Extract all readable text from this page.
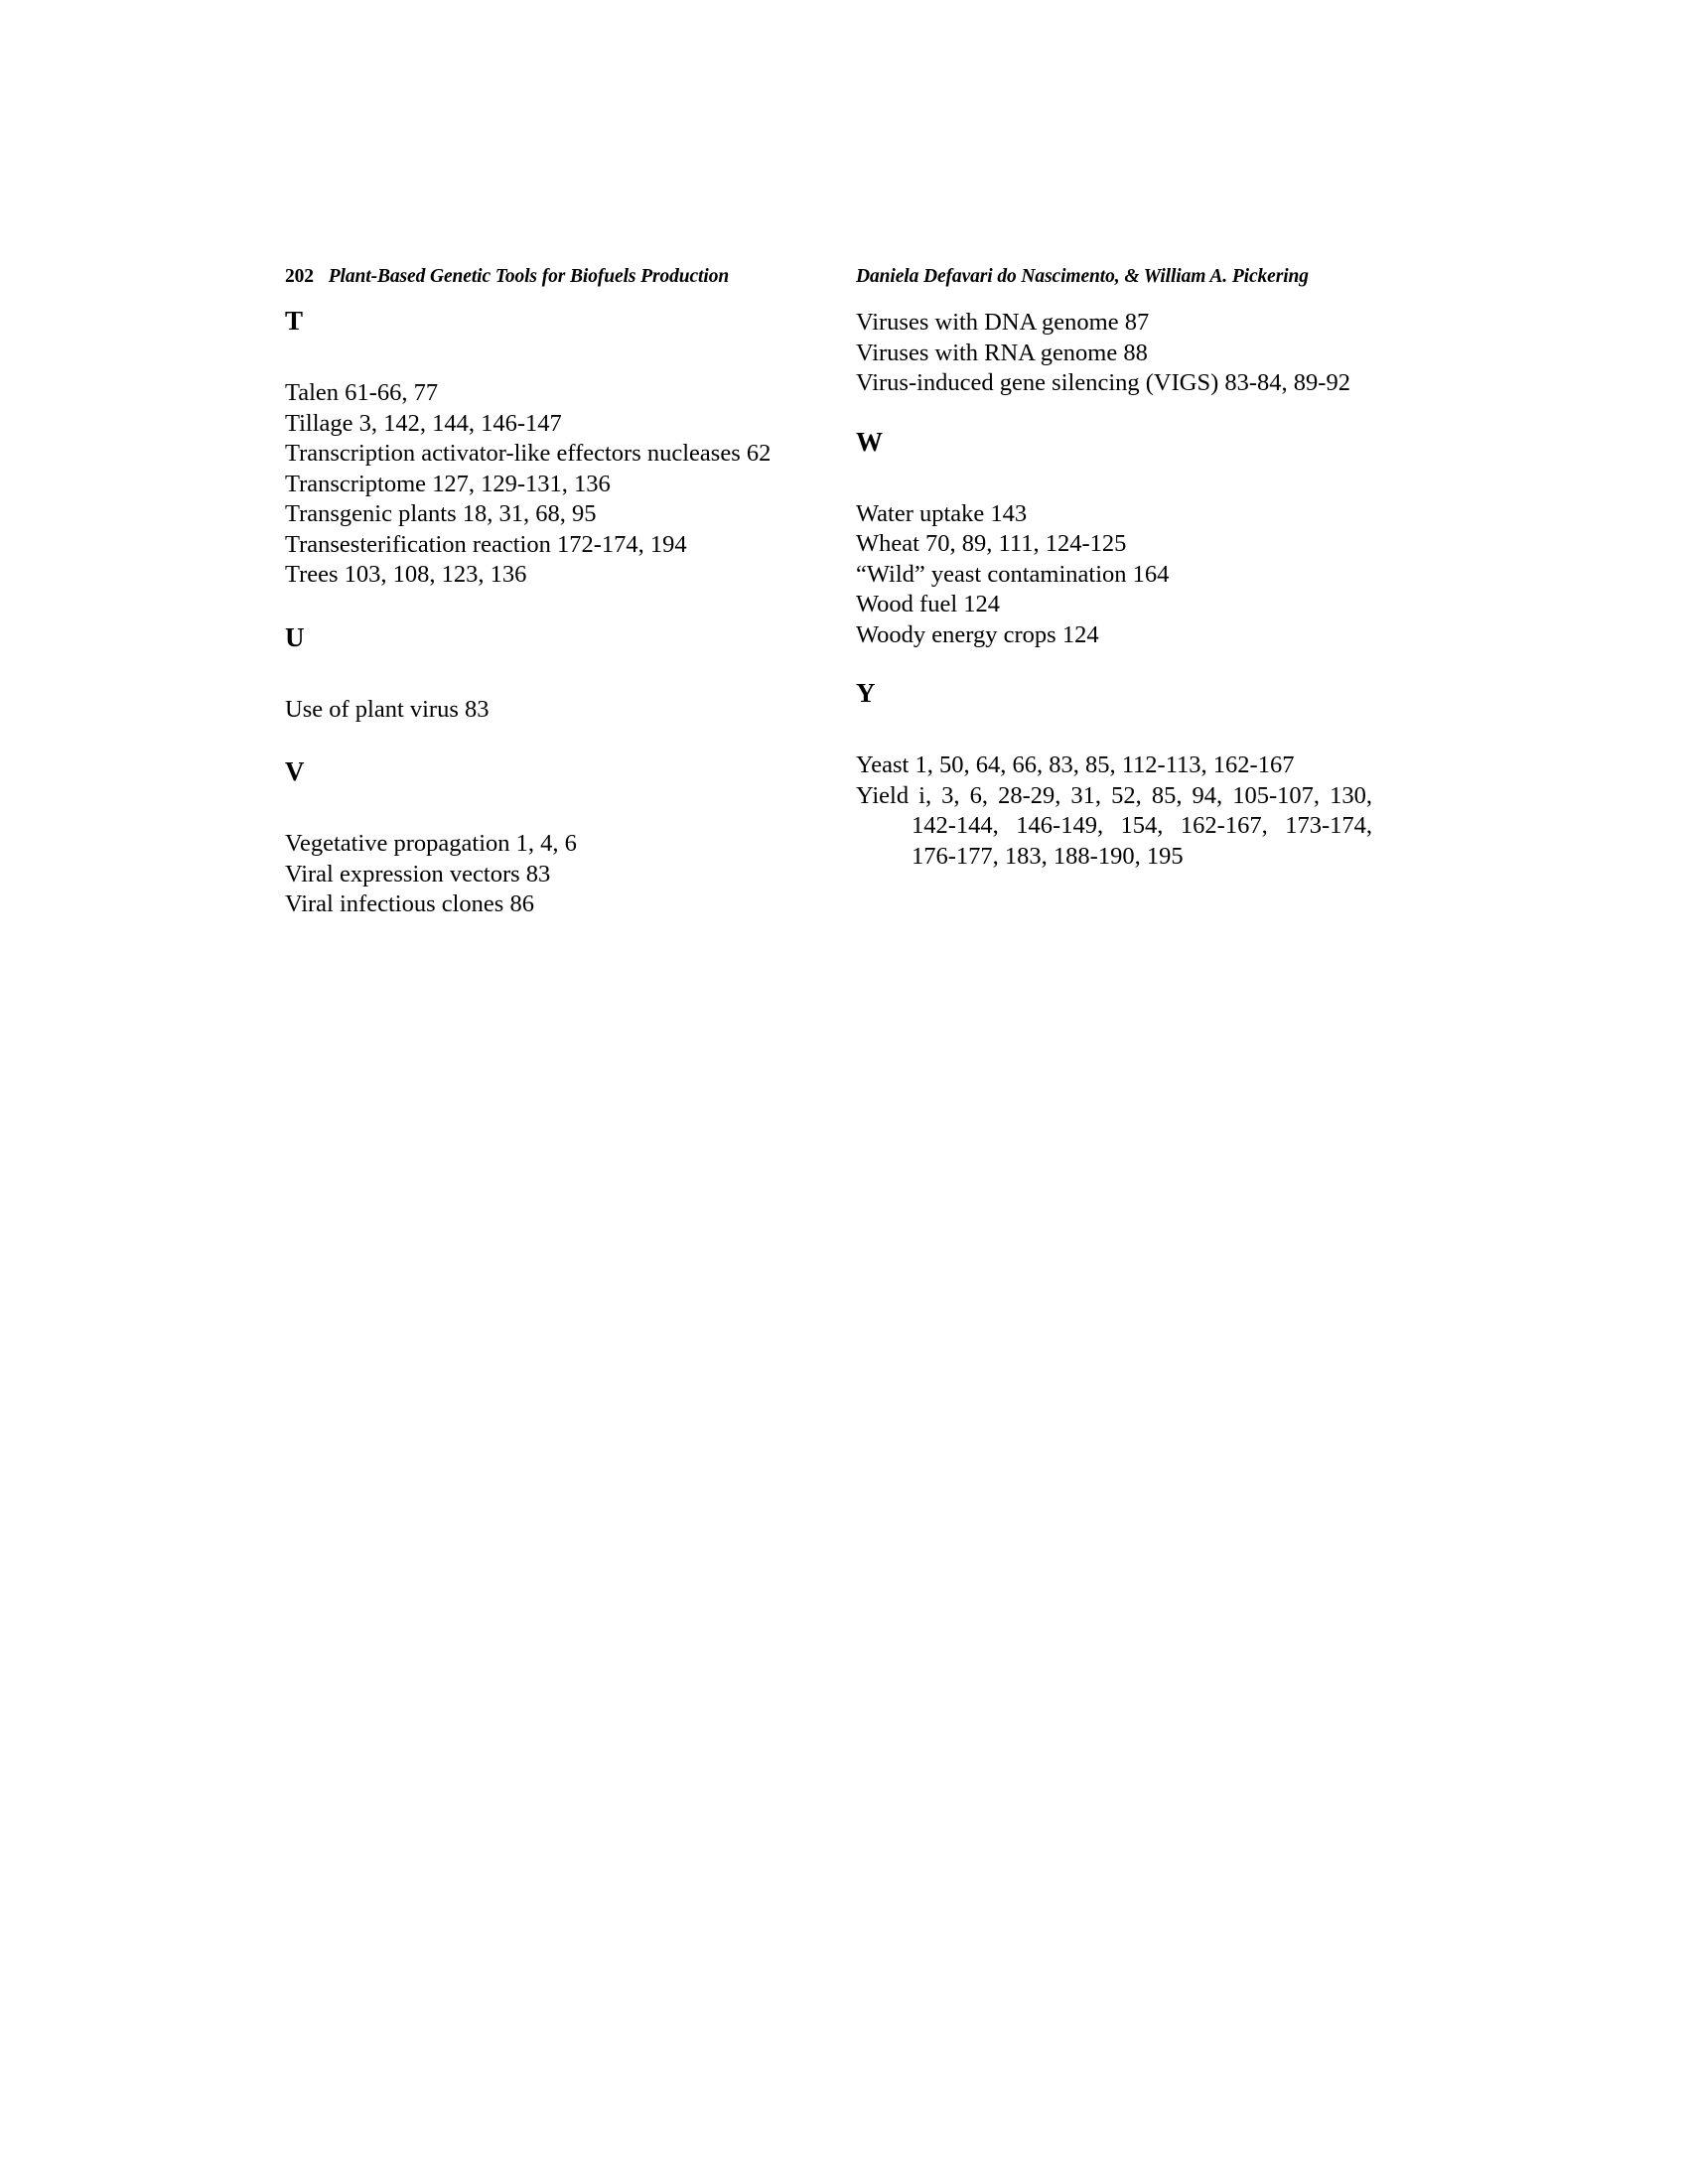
202 Plant-Based Genetic Tools for Biofuels Production	Daniela Defavari do Nascimento, & William A. Pickering
T
Talen 61-66, 77
Tillage 3, 142, 144, 146-147
Transcription activator-like effectors nucleases 62
Transcriptome 127, 129-131, 136
Transgenic plants 18, 31, 68, 95
Transesterification reaction 172-174, 194
Trees 103, 108, 123, 136
U
Use of plant virus 83
V
Vegetative propagation 1, 4, 6
Viral expression vectors 83
Viral infectious clones 86
Viruses with DNA genome 87
Viruses with RNA genome 88
Virus-induced gene silencing (VIGS) 83-84, 89-92
W
Water uptake 143
Wheat 70, 89, 111, 124-125
“Wild” yeast contamination 164
Wood fuel 124
Woody energy crops 124
Y
Yeast 1, 50, 64, 66, 83, 85, 112-113, 162-167
Yield i, 3, 6, 28-29, 31, 52, 85, 94, 105-107, 130, 142-144, 146-149, 154, 162-167, 173-174, 176-177, 183, 188-190, 195
